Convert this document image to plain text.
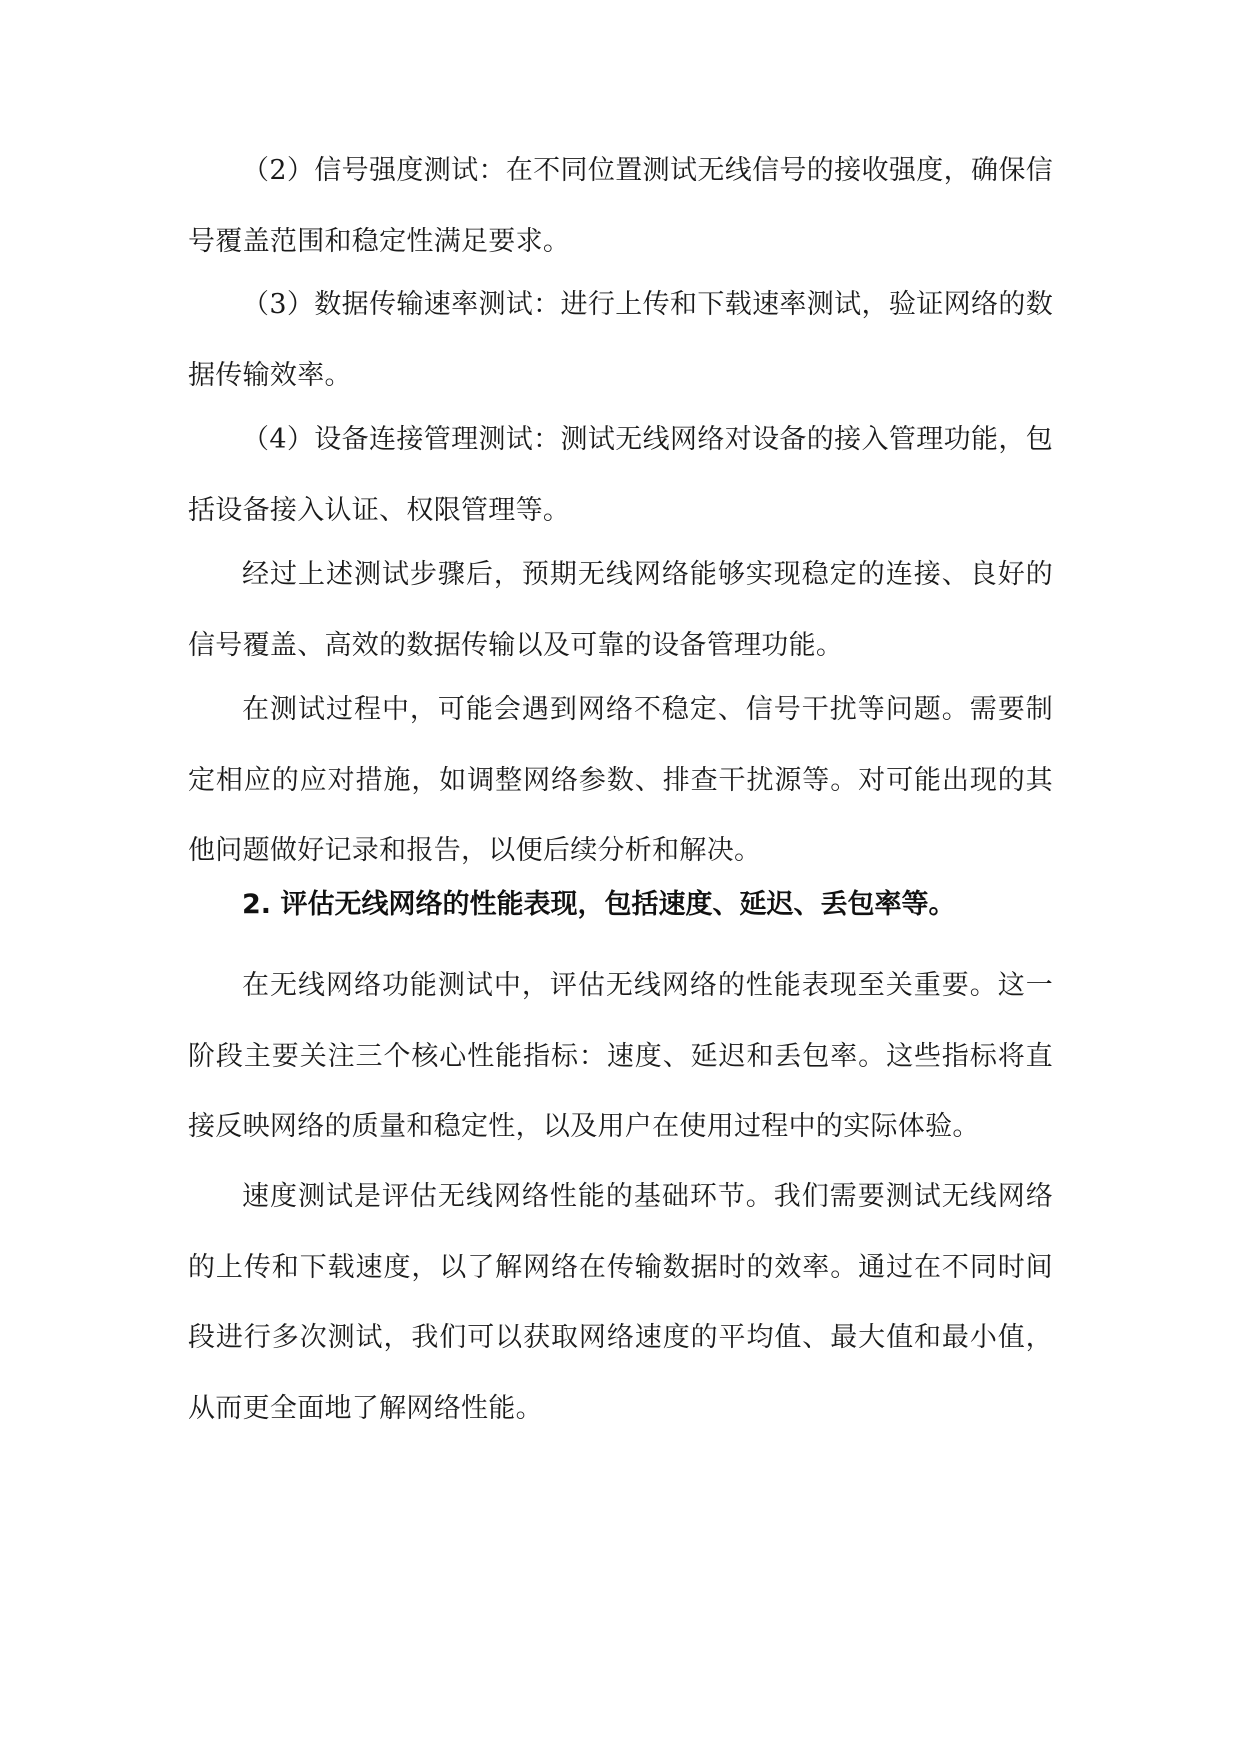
（2）信号强度测试：在不同位置测试无线信号的接收强度，确保信号覆盖范围和稳定性满足要求。

（3）数据传输速率测试：进行上传和下载速率测试，验证网络的数据传输效率。

（4）设备连接管理测试：测试无线网络对设备的接入管理功能，包括设备接入认证、权限管理等。

经过上述测试步骤后，预期无线网络能够实现稳定的连接、良好的信号覆盖、高效的数据传输以及可靠的设备管理功能。

在测试过程中，可能会遇到网络不稳定、信号干扰等问题。需要制定相应的应对措施，如调整网络参数、排查干扰源等。对可能出现的其他问题做好记录和报告，以便后续分析和解决。

2. 评估无线网络的性能表现，包括速度、延迟、丢包率等。

在无线网络功能测试中，评估无线网络的性能表现至关重要。这一阶段主要关注三个核心性能指标：速度、延迟和丢包率。这些指标将直接反映网络的质量和稳定性，以及用户在使用过程中的实际体验。

速度测试是评估无线网络性能的基础环节。我们需要测试无线网络的上传和下载速度，以了解网络在传输数据时的效率。通过在不同时间段进行多次测试，我们可以获取网络速度的平均值、最大值和最小值，从而更全面地了解网络性能。
